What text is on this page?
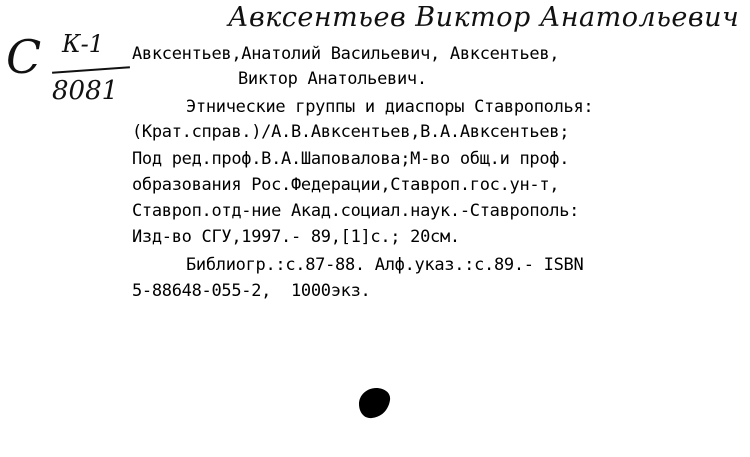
Авксентьев Виктор Анатольевич
С К-1
8081
Авксентьев,Анатолий Васильевич, Авксентьев,
Виктор Анатольевич.
Этнические группы и диаспоры Ставрополья:
(Крат.справ.)/А.В.Авксентьев,В.А.Авксентьев;
Под ред.проф.В.А.Шаповалова;М-во общ.и проф.
образования Рос.Федерации,Ставроп.гос.ун-т,
Ставроп.отд-ние Акад.социал.наук.-Ставрополь:
Изд-во СГУ,1997.- 89,[1]с.; 20см.
Библиогр.:с.87-88. Алф.указ.:с.89.- ISBN
5-88648-055-2,  1000экз.
